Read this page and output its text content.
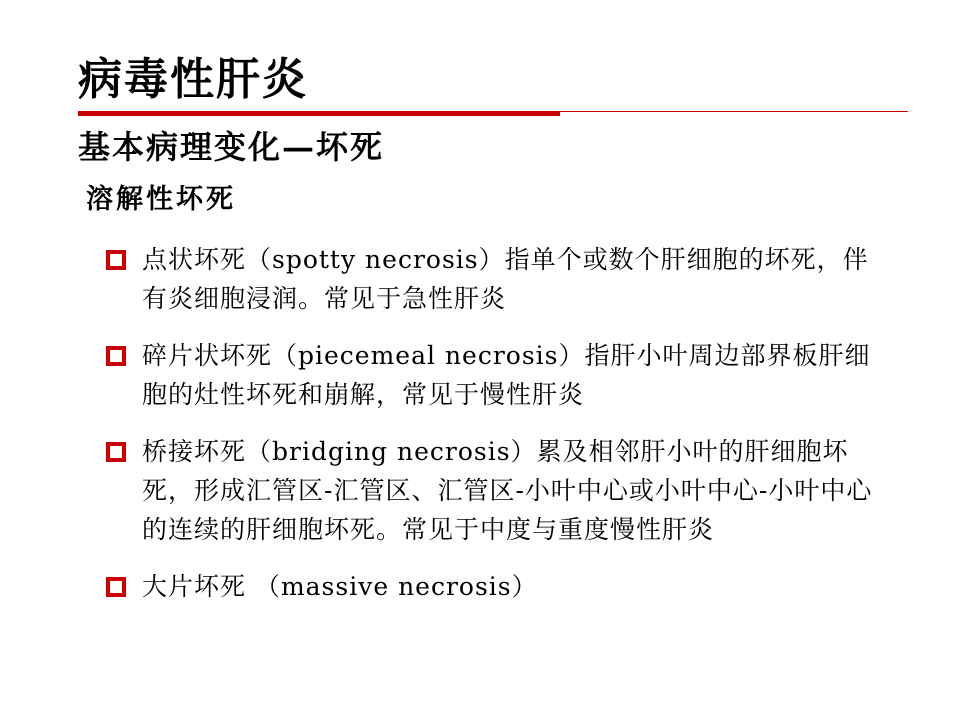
病毒性肝炎
基本病理变化—坏死
溶解性坏死
点状坏死（spotty necrosis）指单个或数个肝细胞的坏死，伴有炎细胞浸润。常见于急性肝炎
碎片状坏死（piecemeal necrosis）指肝小叶周边部界板肝细胞的灶性坏死和崩解，常见于慢性肝炎
桥接坏死（bridging necrosis）累及相邻肝小叶的肝细胞坏死，形成汇管区-汇管区、汇管区-小叶中心或小叶中心-小叶中心的连续的肝细胞坏死。常见于中度与重度慢性肝炎
大片坏死 （massive necrosis）
